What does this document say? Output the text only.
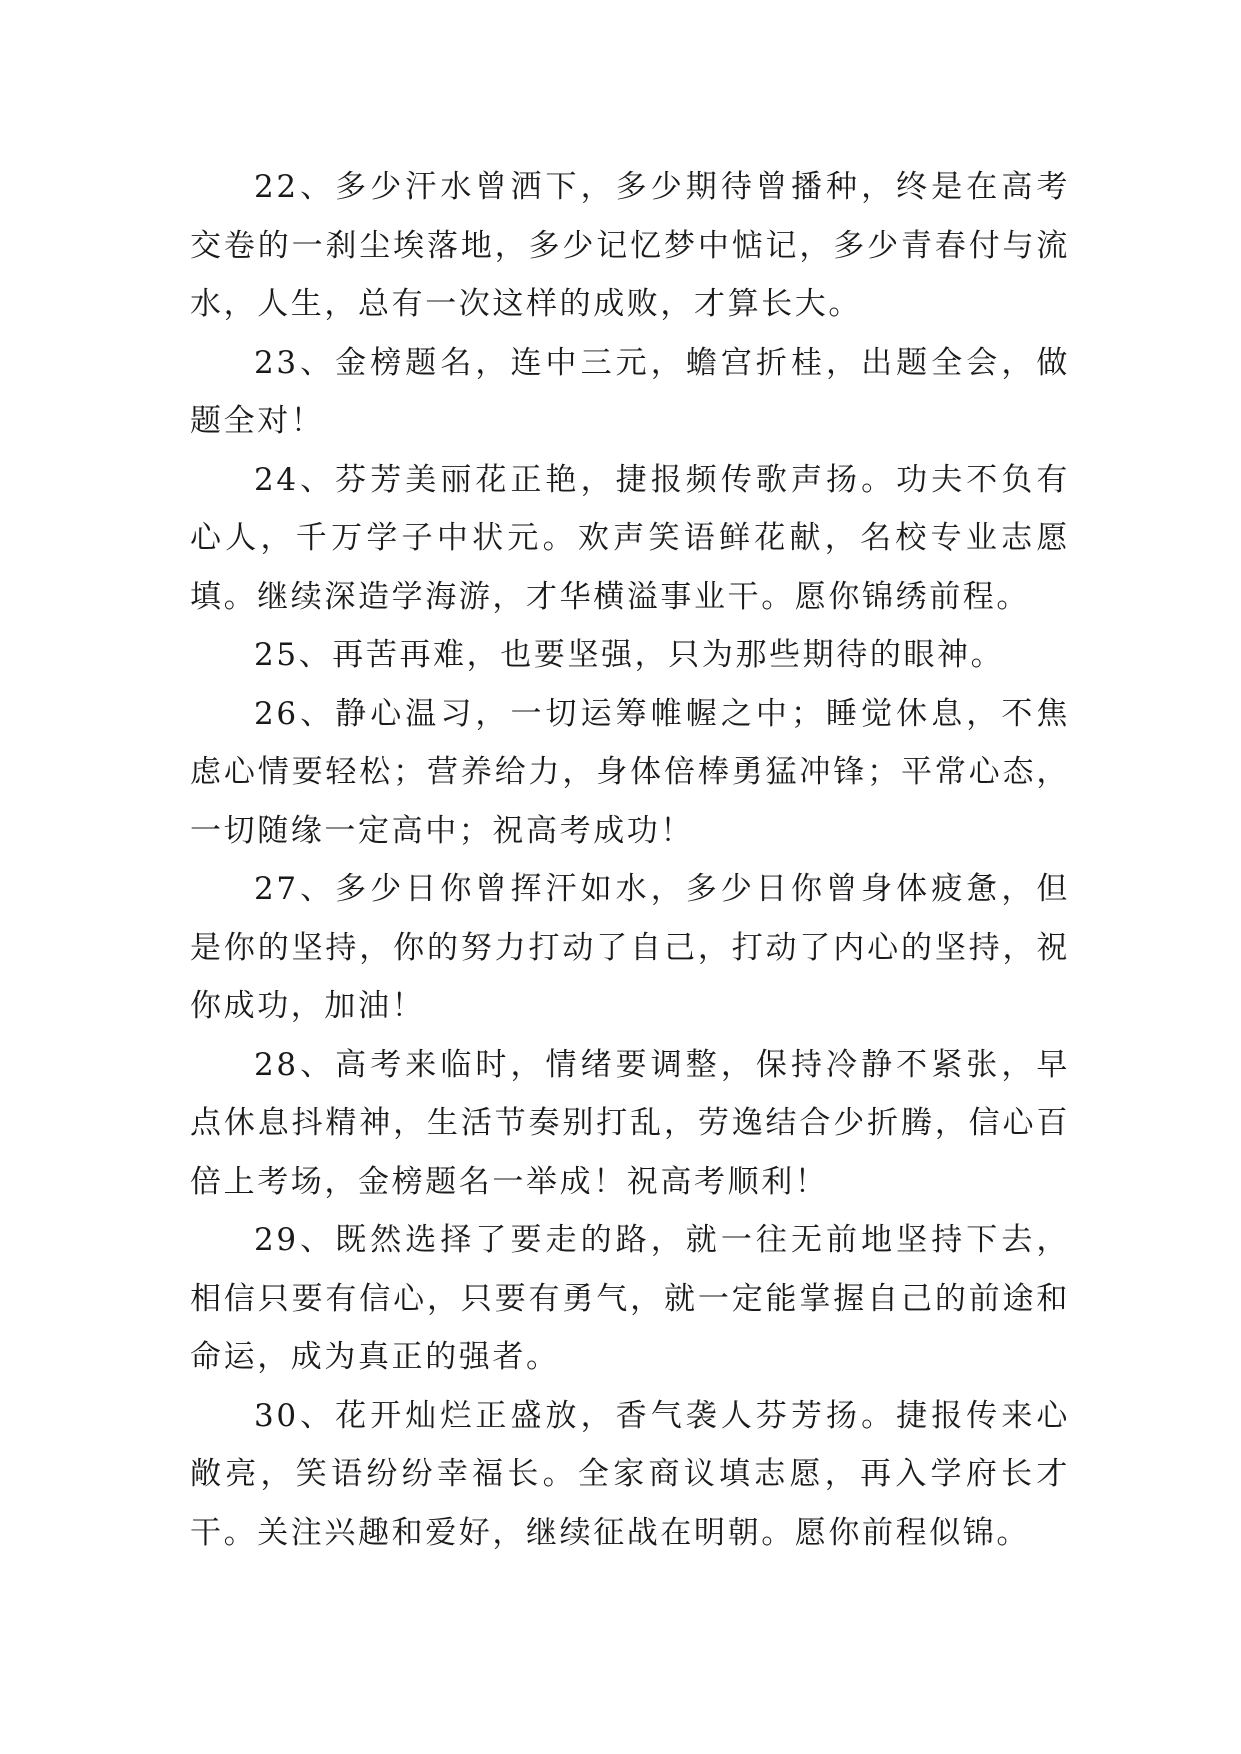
22、多少汗水曾洒下，多少期待曾播种，终是在高考交卷的一刹尘埃落地，多少记忆梦中惦记，多少青春付与流水，人生，总有一次这样的成败，才算长大。

23、金榜题名，连中三元，蟾宫折桂，出题全会，做题全对！

24、芬芳美丽花正艳，捷报频传歌声扬。功夫不负有心人，千万学子中状元。欢声笑语鲜花献，名校专业志愿填。继续深造学海游，才华横溢事业干。愿你锦绣前程。

25、再苦再难，也要坚强，只为那些期待的眼神。

26、静心温习，一切运筹帷幄之中；睡觉休息，不焦虑心情要轻松；营养给力，身体倍棒勇猛冲锋；平常心态，一切随缘一定高中；祝高考成功！

27、多少日你曾挥汗如水，多少日你曾身体疲惫，但是你的坚持，你的努力打动了自己，打动了内心的坚持，祝你成功，加油！

28、高考来临时，情绪要调整，保持冷静不紧张，早点休息抖精神，生活节奏别打乱，劳逸结合少折腾，信心百倍上考场，金榜题名一举成！祝高考顺利！

29、既然选择了要走的路，就一往无前地坚持下去，相信只要有信心，只要有勇气，就一定能掌握自己的前途和命运，成为真正的强者。

30、花开灿烂正盛放，香气袭人芬芳扬。捷报传来心敞亮，笑语纷纷幸福长。全家商议填志愿，再入学府长才干。关注兴趣和爱好，继续征战在明朝。愿你前程似锦。
